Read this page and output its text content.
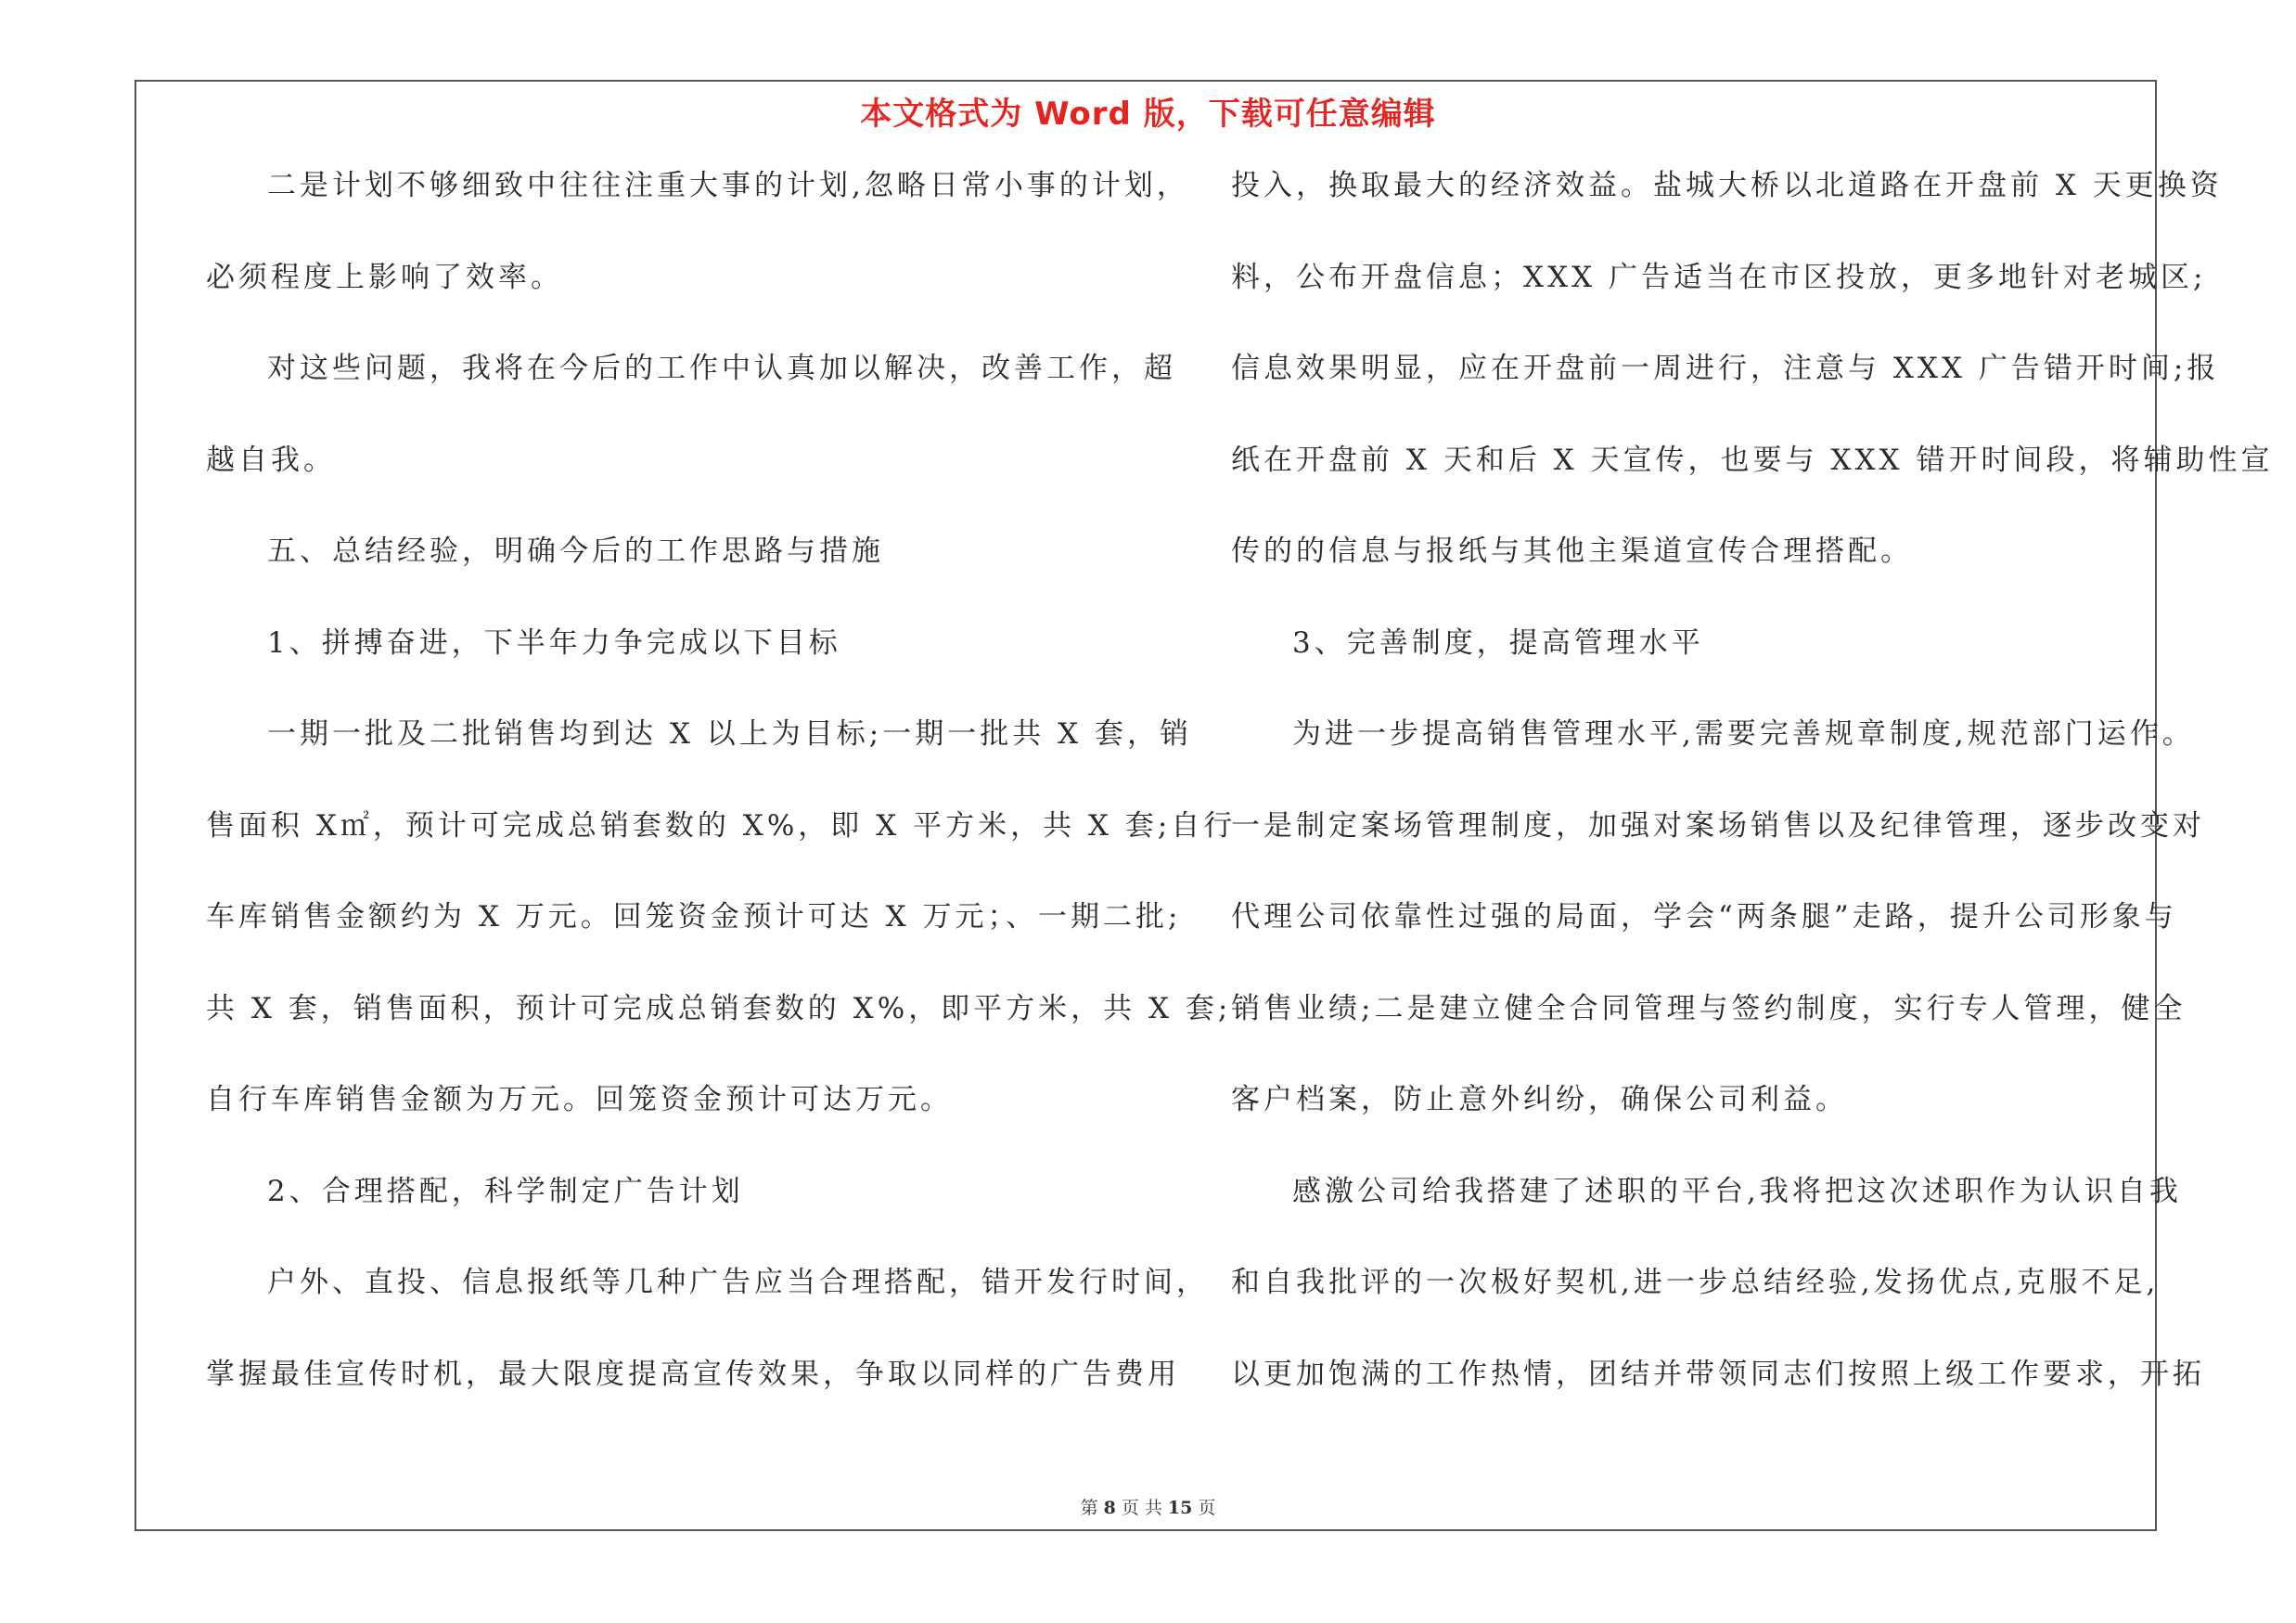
本文格式为 Word 版，下载可任意编辑
二是计划不够细致中往往注重大事的计划,忽略日常小事的计划，
必须程度上影响了效率。
对这些问题，我将在今后的工作中认真加以解决，改善工作，超
越自我。
五、总结经验，明确今后的工作思路与措施
1、拼搏奋进，下半年力争完成以下目标
一期一批及二批销售均到达 X 以上为目标;一期一批共 X 套，销
售面积 X㎡，预计可完成总销套数的 X%，即 X 平方米，共 X 套;自行
车库销售金额约为 X 万元。回笼资金预计可达 X 万元；、一期二批;
共 X 套，销售面积，预计可完成总销套数的 X%，即平方米，共 X 套;
自行车库销售金额为万元。回笼资金预计可达万元。
2、合理搭配，科学制定广告计划
户外、直投、信息报纸等几种广告应当合理搭配，错开发行时间，
掌握最佳宣传时机，最大限度提高宣传效果，争取以同样的广告费用
投入，换取最大的经济效益。盐城大桥以北道路在开盘前 X 天更换资
料，公布开盘信息；XXX 广告适当在市区投放，更多地针对老城区;
信息效果明显，应在开盘前一周进行，注意与 XXX 广告错开时间;报
纸在开盘前 X 天和后 X 天宣传，也要与 XXX 错开时间段，将辅助性宣
传的的信息与报纸与其他主渠道宣传合理搭配。
3、完善制度，提高管理水平
为进一步提高销售管理水平,需要完善规章制度,规范部门运作。
一是制定案场管理制度，加强对案场销售以及纪律管理，逐步改变对
代理公司依靠性过强的局面，学会“两条腿”走路，提升公司形象与
销售业绩;二是建立健全合同管理与签约制度，实行专人管理，健全
客户档案，防止意外纠纷，确保公司利益。
感激公司给我搭建了述职的平台,我将把这次述职作为认识自我
和自我批评的一次极好契机,进一步总结经验,发扬优点,克服不足,
以更加饱满的工作热情，团结并带领同志们按照上级工作要求，开拓
第 8 页 共 15 页
